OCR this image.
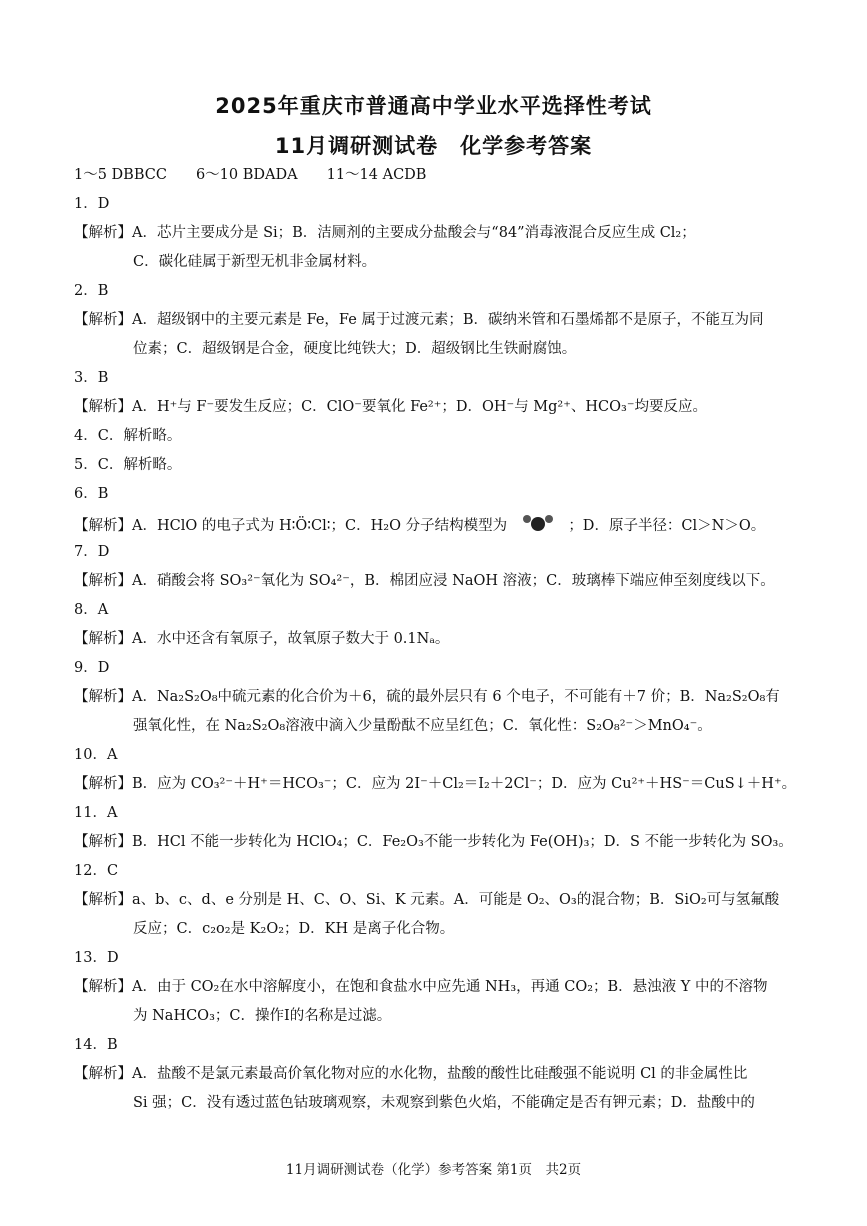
2025年重庆市普通高中学业水平选择性考试
11月调研测试卷　化学参考答案
1～5 DBBCC　　6～10 BDADA　　11～14 ACDB
1．D
【解析】A．芯片主要成分是 Si；B．洁厕剂的主要成分盐酸会与“84”消毒液混合反应生成 Cl₂；
C．碳化硅属于新型无机非金属材料。
2．B
【解析】A．超级钢中的主要元素是 Fe，Fe 属于过渡元素；B．碳纳米管和石墨烯都不是原子，不能互为同
位素；C．超级钢是合金，硬度比纯铁大；D．超级钢比生铁耐腐蚀。
3．B
【解析】A．H⁺与 F⁻要发生反应；C．ClO⁻要氧化 Fe²⁺；D．OH⁻与 Mg²⁺、HCO₃⁻均要反应。
4．C．解析略。
5．C．解析略。
6．B
【解析】A．HClO 的电子式为 H∶Ö∶Cl∶；C．H₂O 分子结构模型为	；D．原子半径：Cl＞N＞O。
7．D
【解析】A．硝酸会将 SO₃²⁻氧化为 SO₄²⁻，B．棉团应浸 NaOH 溶液；C．玻璃棒下端应伸至刻度线以下。
8．A
【解析】A．水中还含有氧原子，故氧原子数大于 0.1Nₐ。
9．D
【解析】A．Na₂S₂O₈中硫元素的化合价为＋6，硫的最外层只有 6 个电子，不可能有＋7 价；B．Na₂S₂O₈有
强氧化性，在 Na₂S₂O₈溶液中滴入少量酚酞不应呈红色；C．氧化性：S₂O₈²⁻＞MnO₄⁻。
10．A
【解析】B．应为 CO₃²⁻＋H⁺＝HCO₃⁻；C．应为 2I⁻＋Cl₂＝I₂＋2Cl⁻；D．应为 Cu²⁺＋HS⁻＝CuS↓＋H⁺。
11．A
【解析】B．HCl 不能一步转化为 HClO₄；C．Fe₂O₃不能一步转化为 Fe(OH)₃；D．S 不能一步转化为 SO₃。
12．C
【解析】a、b、c、d、e 分别是 H、C、O、Si、K 元素。A．可能是 O₂、O₃的混合物；B．SiO₂可与氢氟酸
反应；C．c₂o₂是 K₂O₂；D．KH 是离子化合物。
13．D
【解析】A．由于 CO₂在水中溶解度小，在饱和食盐水中应先通 NH₃，再通 CO₂；B．悬浊液 Y 中的不溶物
为 NaHCO₃；C．操作Ⅰ的名称是过滤。
14．B
【解析】A．盐酸不是氯元素最高价氧化物对应的水化物，盐酸的酸性比硅酸强不能说明 Cl 的非金属性比
Si 强；C．没有透过蓝色钴玻璃观察，未观察到紫色火焰，不能确定是否有钾元素；D．盐酸中的
11月调研测试卷（化学）参考答案 第1页　共2页
